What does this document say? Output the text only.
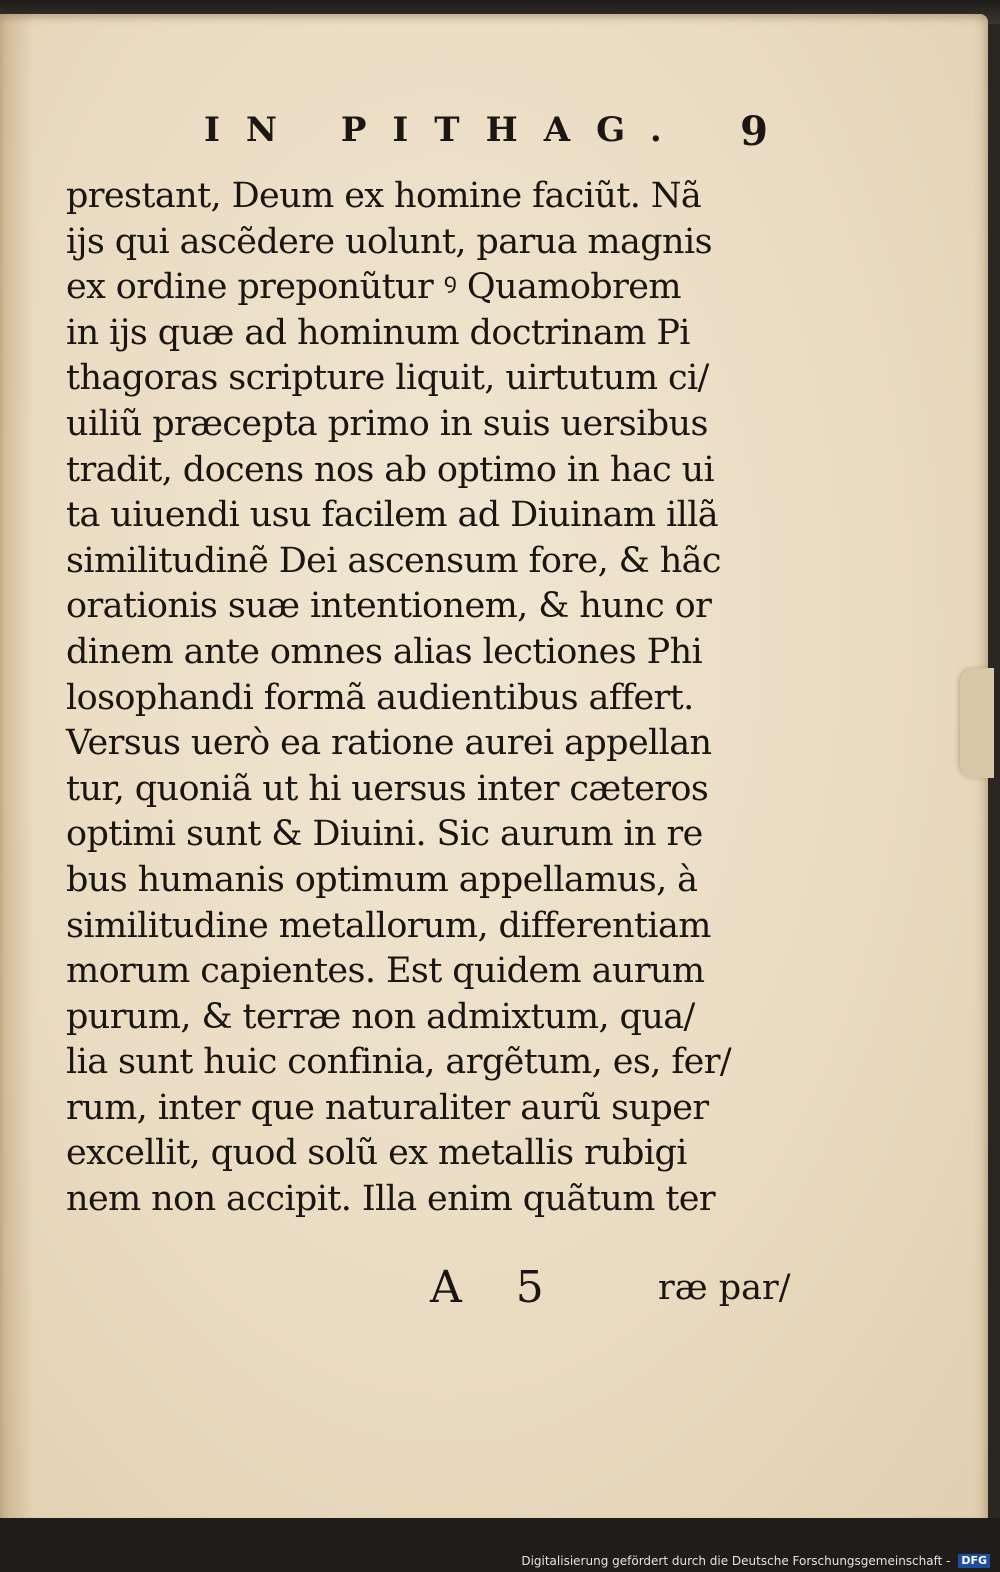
IN PITHAG. 9
prestant, Deum ex homine faciũt. Nã
ijs qui ascẽdere uolunt, parua magnis
ex ordine preponũtur ꝰ Quamobrem
in ijs quæ ad hominum doctrinam Pi
thagoras scripture liquit, uirtutum ci/
uiliũ præcepta primo in suis uersibus
tradit, docens nos ab optimo in hac ui
ta uiuendi usu facilem ad Diuinam illã
similitudinẽ Dei ascensum fore, & hãc
orationis suæ intentionem, & hunc or
dinem ante omnes alias lectiones Phi
losophandi formã audientibus affert.
Versus uerò ea ratione aurei appellan
tur, quoniã ut hi uersus inter cæteros
optimi sunt & Diuini. Sic aurum in re
bus humanis optimum appellamus, à
similitudine metallorum, differentiam
morum capientes. Est quidem aurum
purum, & terræ non admixtum, qua/
lia sunt huic confinia, argẽtum, es, fer/
rum, inter que naturaliter aurũ super
excellit, quod solũ ex metallis rubigi
nem non accipit. Illa enim quãtum ter
A 5	ræ par/
Digitalisierung gefördert durch die Deutsche Forschungsgemeinschaft - DFG
